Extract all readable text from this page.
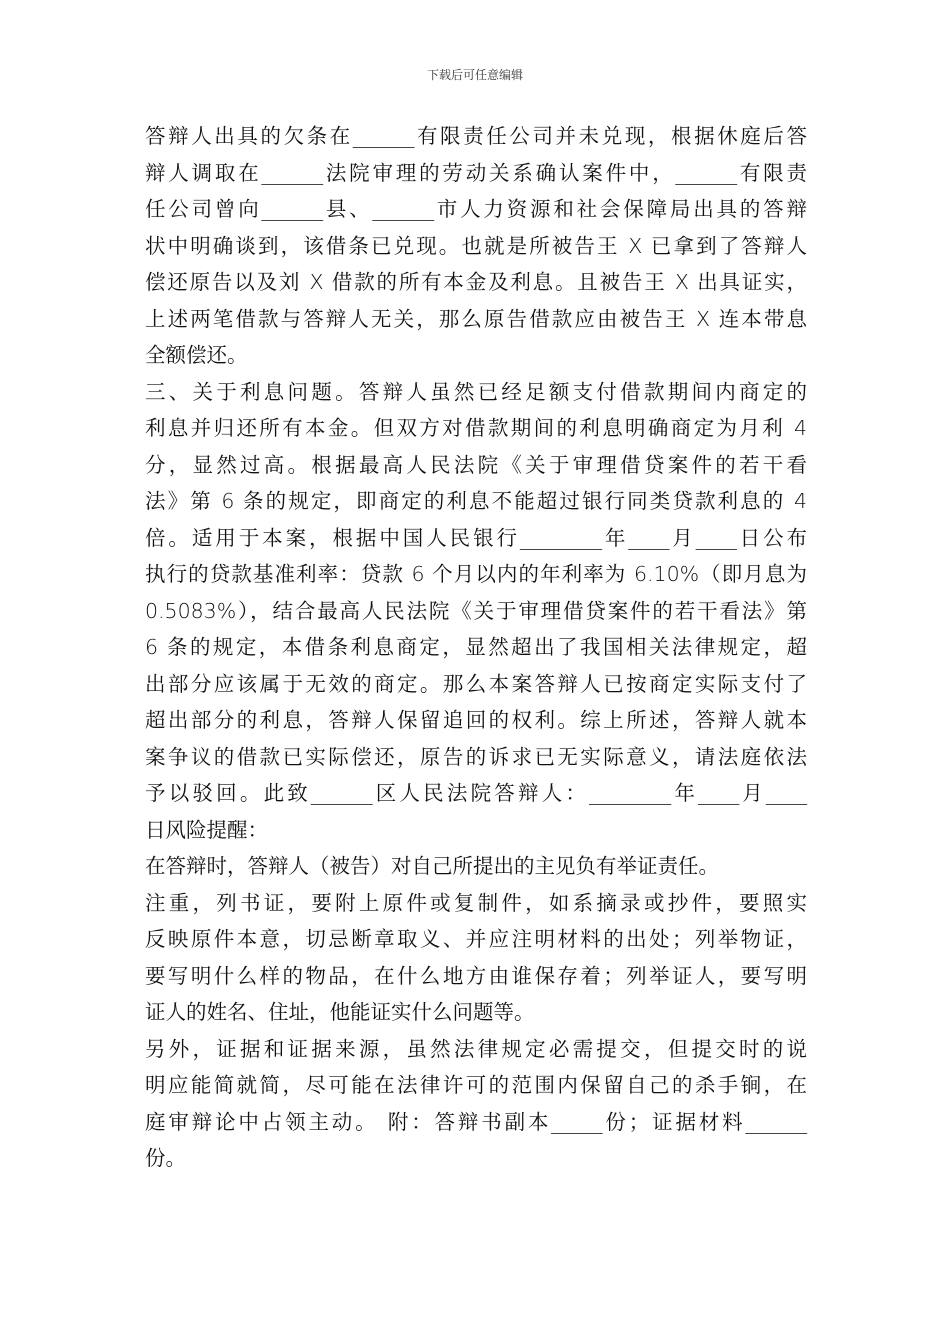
下载后可任意编辑
答辩人出具的欠条在______有限责任公司并未兑现，根据休庭后答
辩人调取在______法院审理的劳动关系确认案件中，______有限责
任公司曾向______县、______市人力资源和社会保障局出具的答辩
状中明确谈到，该借条已兑现。也就是所被告王 X 已拿到了答辩人
偿还原告以及刘 X 借款的所有本金及利息。且被告王 X 出具证实，
上述两笔借款与答辩人无关，那么原告借款应由被告王 X 连本带息
全额偿还。
三、关于利息问题。答辩人虽然已经足额支付借款期间内商定的
利息并归还所有本金。但双方对借款期间的利息明确商定为月利 4
分，显然过高。根据最高人民法院《关于审理借贷案件的若干看
法》第 6 条的规定，即商定的利息不能超过银行同类贷款利息的 4
倍。适用于本案，根据中国人民银行________年____月____日公布
执行的贷款基准利率：贷款 6 个月以内的年利率为 6.10%（即月息为
0.5083%），结合最高人民法院《关于审理借贷案件的若干看法》第
6 条的规定，本借条利息商定，显然超出了我国相关法律规定，超
出部分应该属于无效的商定。那么本案答辩人已按商定实际支付了
超出部分的利息，答辩人保留追回的权利。综上所述，答辩人就本
案争议的借款已实际偿还，原告的诉求已无实际意义，请法庭依法
予以驳回。此致______区人民法院答辩人：________年____月____
日风险提醒：
在答辩时，答辩人（被告）对自己所提出的主见负有举证责任。
注重，列书证，要附上原件或复制件，如系摘录或抄件，要照实
反映原件本意，切忌断章取义、并应注明材料的出处；列举物证，
要写明什么样的物品，在什么地方由谁保存着；列举证人，要写明
证人的姓名、住址，他能证实什么问题等。
另外，证据和证据来源，虽然法律规定必需提交，但提交时的说
明应能简就简，尽可能在法律许可的范围内保留自己的杀手锏，在
庭审辩论中占领主动。 附：答辩书副本_____份；证据材料______
份。
